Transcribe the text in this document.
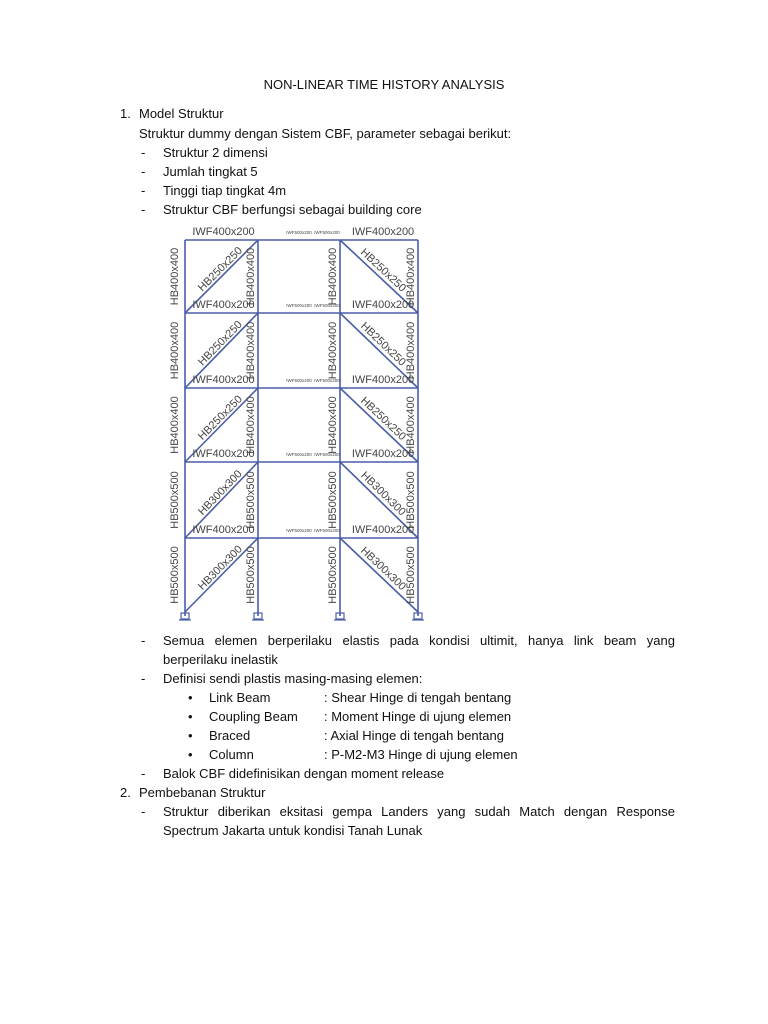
NON-LINEAR TIME HISTORY ANALYSIS
1. Model Struktur
Struktur dummy dengan Sistem CBF, parameter sebagai berikut:
- Struktur 2 dimensi
- Jumlah tingkat 5
- Tinggi tiap tingkat 4m
- Struktur CBF berfungsi sebagai building core
IWF400x200	IWF400x200
IWF500x200 IWF500x200
IWF400x200	IWF400x200
IWF500x200 IWF500x200
IWF400x200	IWF400x200
IWF500x200 IWF500x200
IWF400x200	IWF400x200
IWF500x200 IWF500x200
IWF400x200	IWF400x200
IWF500x200 IWF500x200
HB400x400	HB400x400	HB400x400	HB400x400
HB400x400	HB400x400	HB400x400	HB400x400
HB400x400	HB400x400	HB400x400	HB400x400
HB500x500	HB500x500	HB500x500	HB500x500
HB500x500	HB500x500	HB500x500	HB500x500
HB250x250	HB250x250
HB250x250	HB250x250
HB250x250	HB250x250
HB300x300	HB300x300
HB300x300	HB300x300
- Semua elemen berperilaku elastis pada kondisi ultimit, hanya link beam yang
berperilaku inelastik
- Definisi sendi plastis masing-masing elemen:
• Link Beam	: Shear Hinge di tengah bentang
• Coupling Beam : Moment Hinge di ujung elemen
• Braced	: Axial Hinge di tengah bentang
• Column	: P-M2-M3 Hinge di ujung elemen
- Balok CBF didefinisikan dengan moment release
2. Pembebanan Struktur
- Struktur diberikan eksitasi gempa Landers yang sudah Match dengan Response
Spectrum Jakarta untuk kondisi Tanah Lunak
